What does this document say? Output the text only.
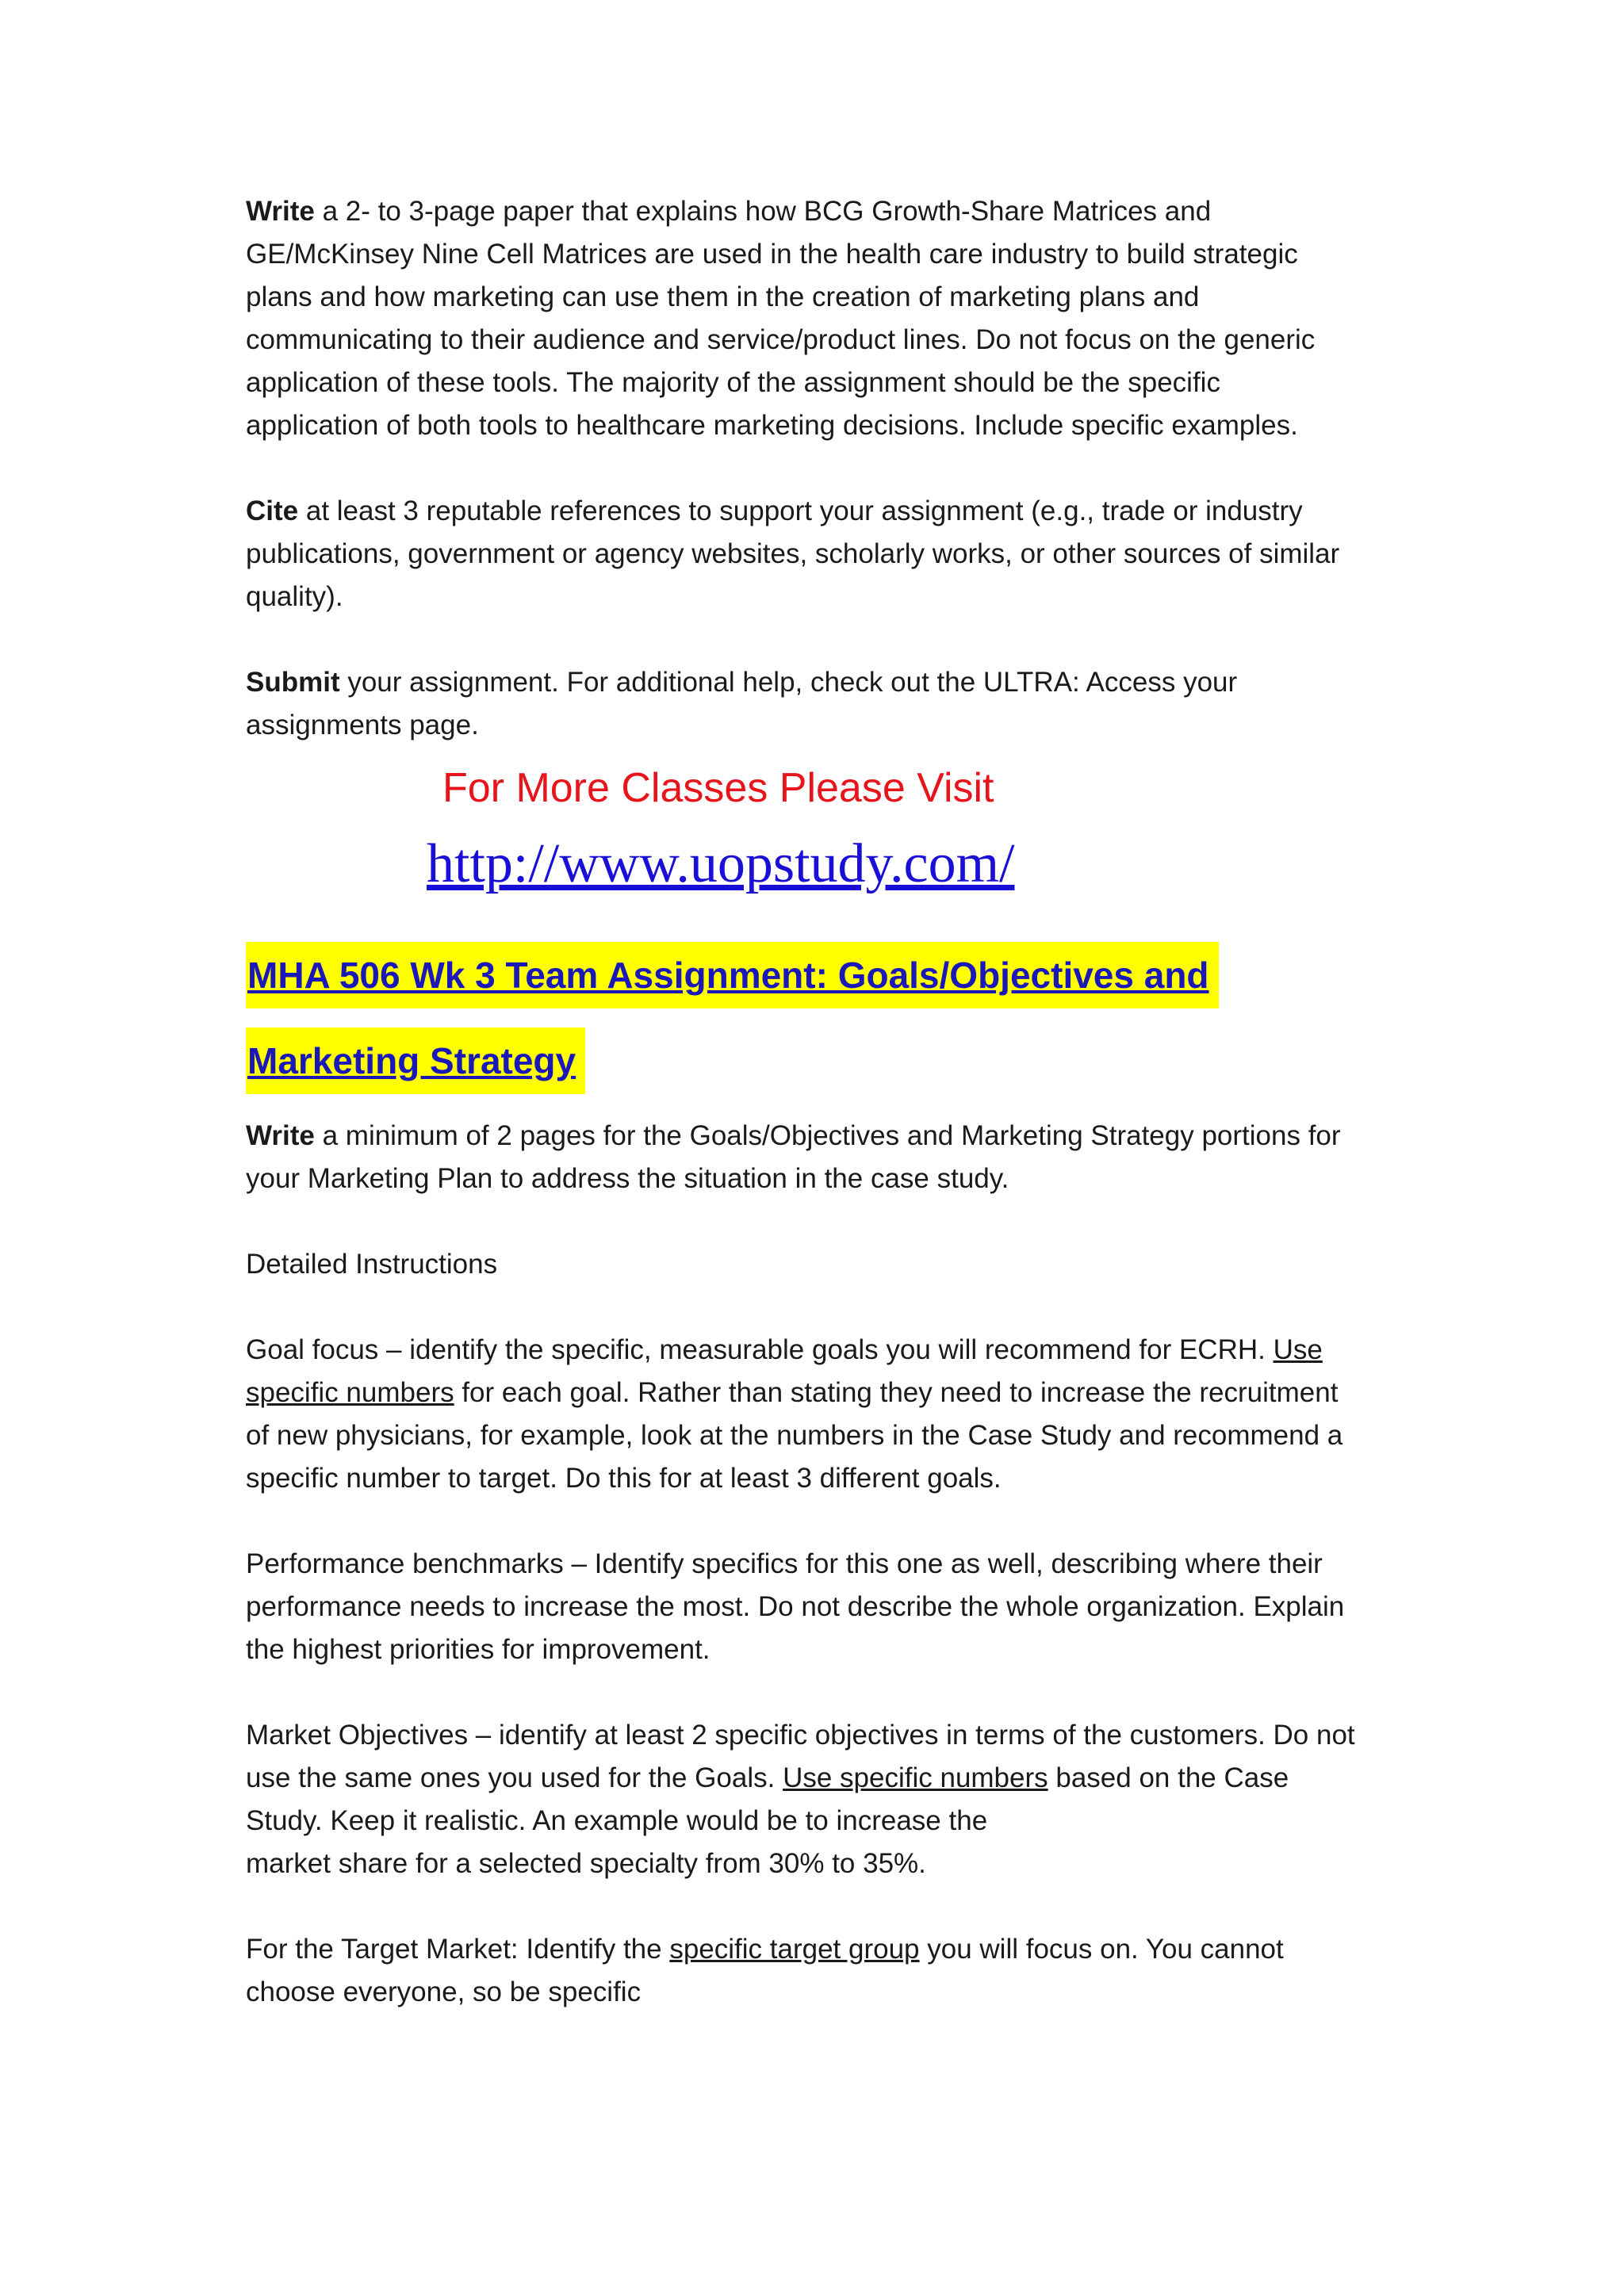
Write a 2- to 3-page paper that explains how BCG Growth-Share Matrices and

GE/McKinsey Nine Cell Matrices are used in the health care industry to build strategic

plans and how marketing can use them in the creation of marketing plans and

communicating to their audience and service/product lines. Do not focus on the generic

application of these tools. The majority of the assignment should be the specific

application of both tools to healthcare marketing decisions. Include specific examples.

Cite at least 3 reputable references to support your assignment (e.g., trade or industry

publications, government or agency websites, scholarly works, or other sources of similar

quality).

Submit your assignment. For additional help, check out the ULTRA: Access your

assignments page.

For More Classes Please Visit
http://www.uopstudy.com/
MHA 506 Wk 3 Team Assignment: Goals/Objectives and
Marketing Strategy

Write a minimum of 2 pages for the Goals/Objectives and Marketing Strategy portions for

your Marketing Plan to address the situation in the case study.

Detailed Instructions

Goal focus – identify the specific, measurable goals you will recommend for ECRH. Use

specific numbers for each goal. Rather than stating they need to increase the recruitment

of new physicians, for example, look at the numbers in the Case Study and recommend a

specific number to target. Do this for at least 3 different goals.

Performance benchmarks – Identify specifics for this one as well, describing where their

performance needs to increase the most. Do not describe the whole organization. Explain

the highest priorities for improvement.

Market Objectives – identify at least 2 specific objectives in terms of the customers. Do not

use the same ones you used for the Goals. Use specific numbers based on the Case

Study. Keep it realistic. An example would be to increase the

market share for a selected specialty from 30% to 35%.

For the Target Market: Identify the specific target group you will focus on. You cannot

choose everyone, so be specific
